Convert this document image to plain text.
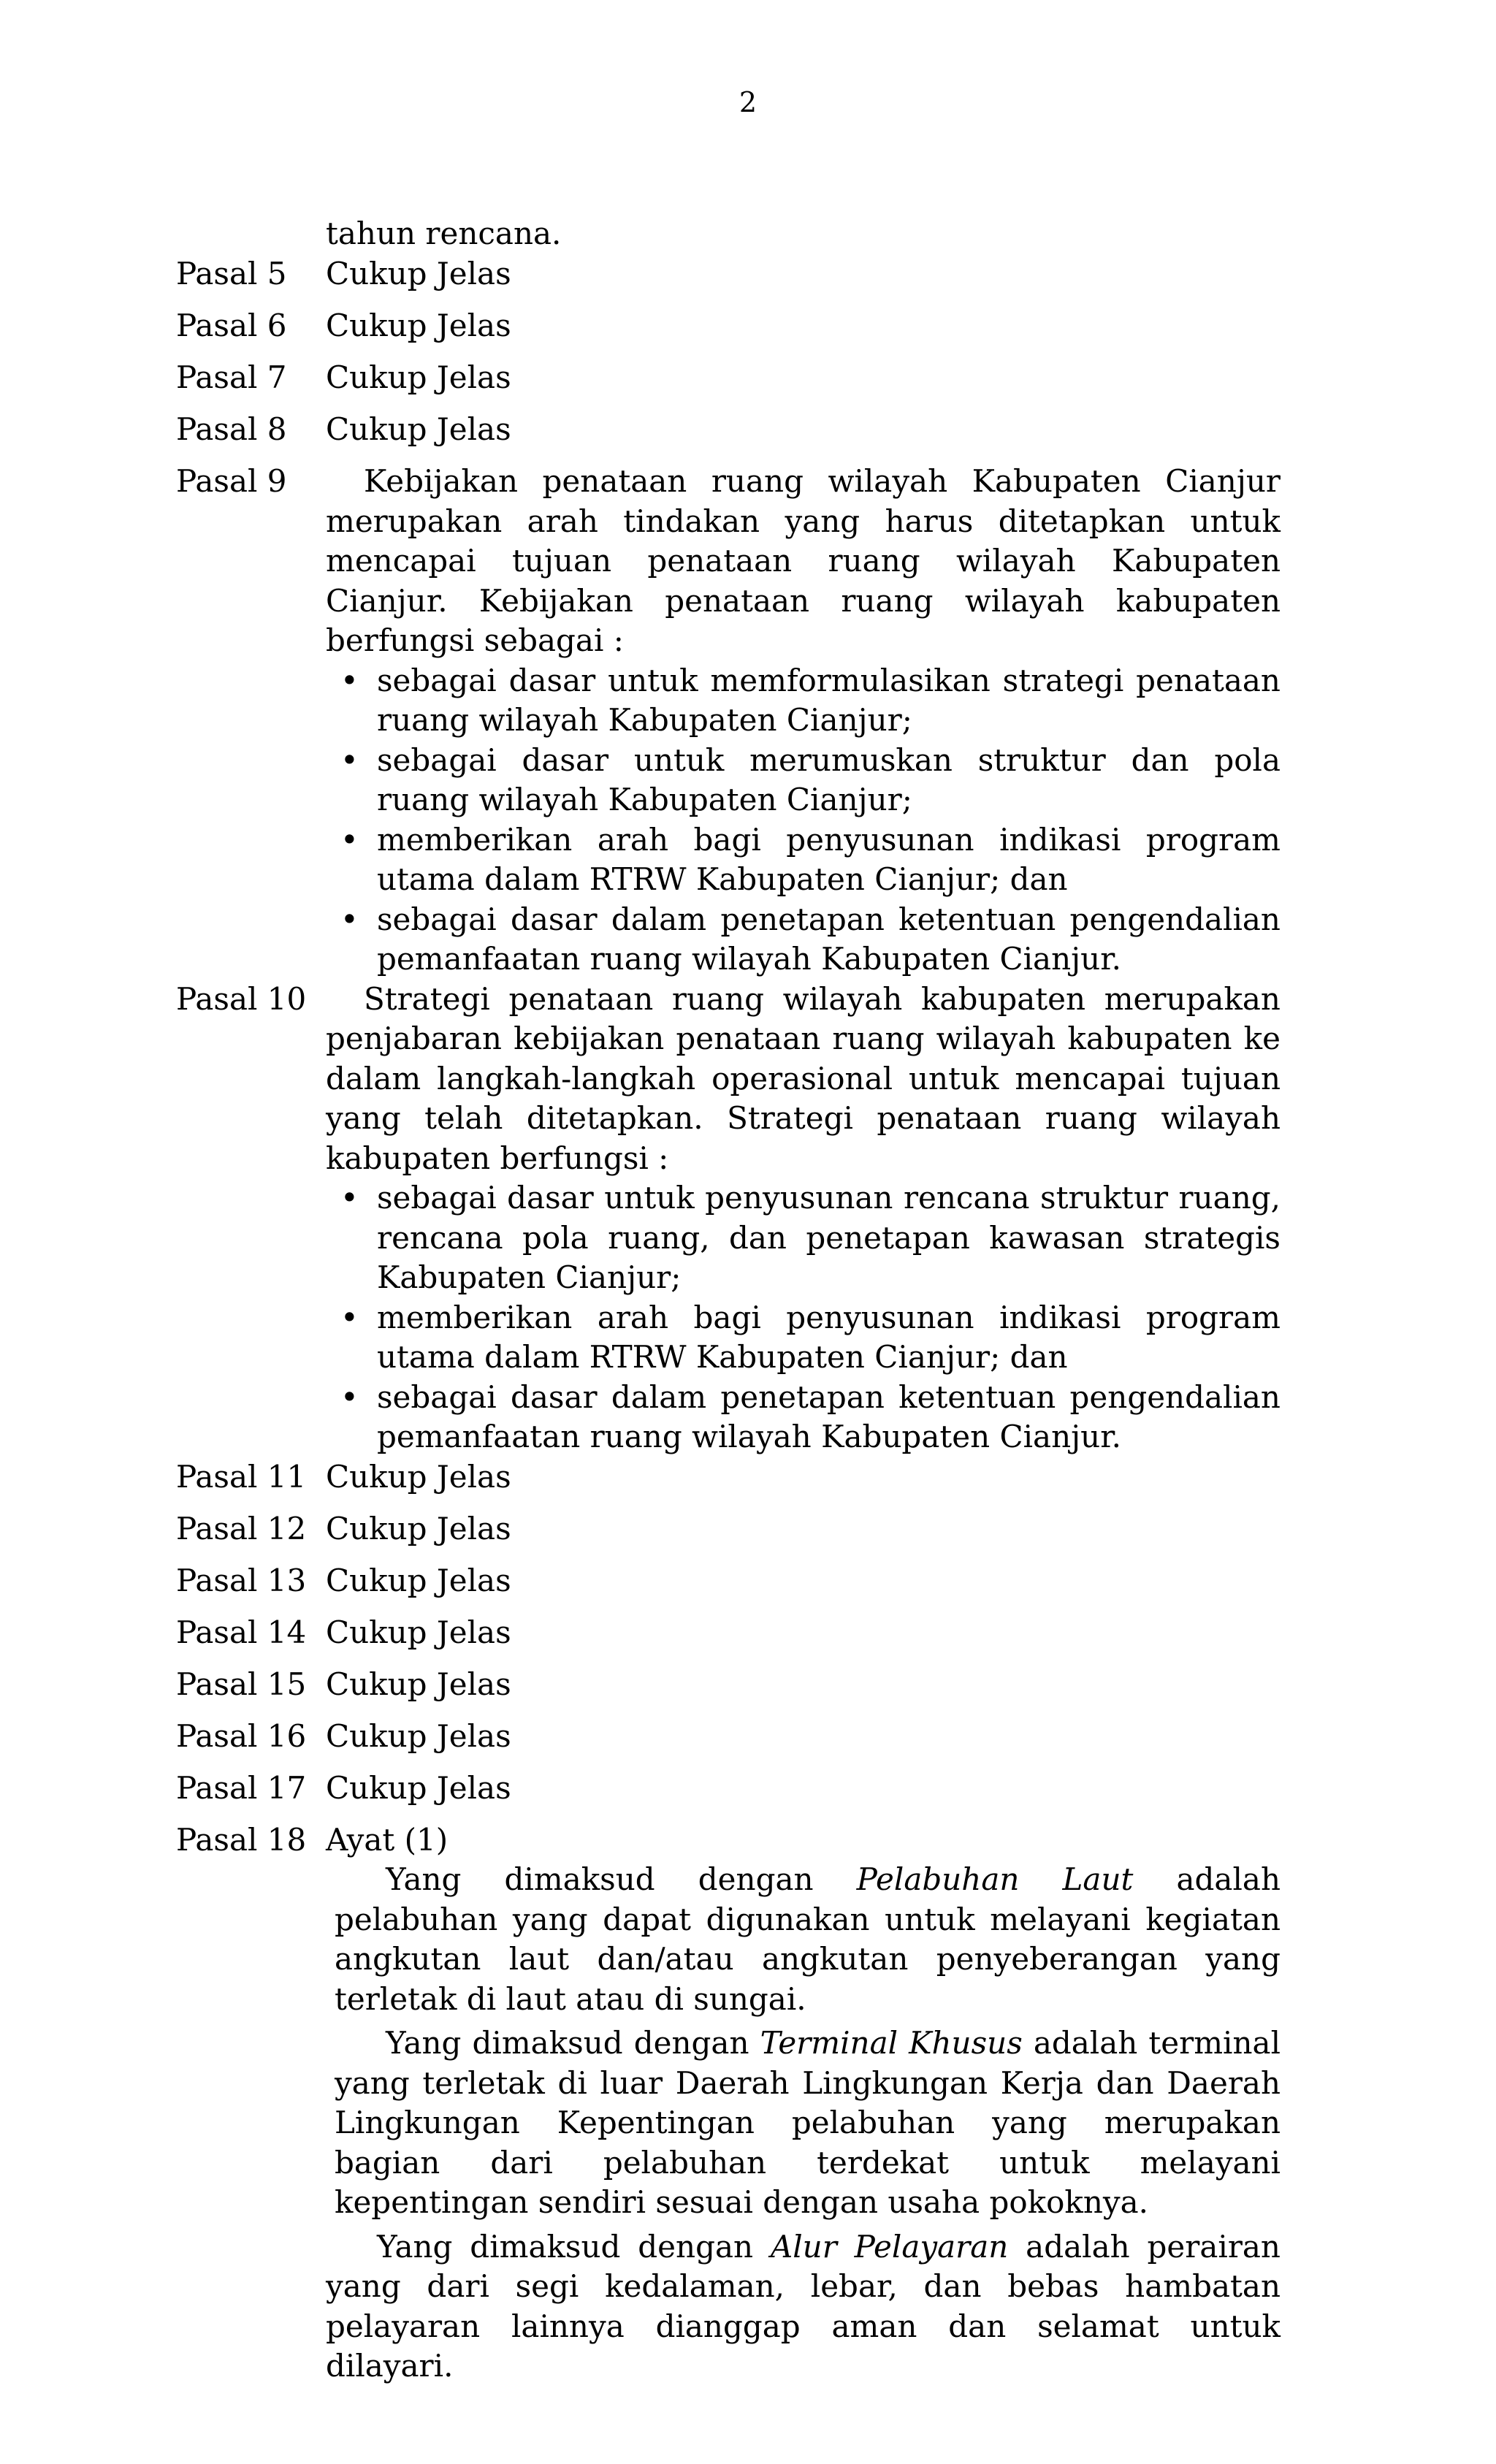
2
tahun rencana.
Pasal 5	Cukup Jelas
Pasal 6	Cukup Jelas
Pasal 7	Cukup Jelas
Pasal 8	Cukup Jelas
Pasal 9	Kebijakan penataan ruang wilayah Kabupaten Cianjur merupakan arah tindakan yang harus ditetapkan untuk mencapai tujuan penataan ruang wilayah Kabupaten Cianjur. Kebijakan penataan ruang wilayah kabupaten berfungsi sebagai :

• sebagai dasar untuk memformulasikan strategi penataan ruang wilayah Kabupaten Cianjur;
• sebagai dasar untuk merumuskan struktur dan pola ruang wilayah Kabupaten Cianjur;
• memberikan arah bagi penyusunan indikasi program utama dalam RTRW Kabupaten Cianjur; dan
• sebagai dasar dalam penetapan ketentuan pengendalian pemanfaatan ruang wilayah Kabupaten Cianjur.
Pasal 10	Strategi penataan ruang wilayah kabupaten merupakan penjabaran kebijakan penataan ruang wilayah kabupaten ke dalam langkah-langkah operasional untuk mencapai tujuan yang telah ditetapkan. Strategi penataan ruang wilayah kabupaten berfungsi :

• sebagai dasar untuk penyusunan rencana struktur ruang, rencana pola ruang, dan penetapan kawasan strategis Kabupaten Cianjur;
• memberikan arah bagi penyusunan indikasi program utama dalam RTRW Kabupaten Cianjur; dan
• sebagai dasar dalam penetapan ketentuan pengendalian pemanfaatan ruang wilayah Kabupaten Cianjur.
Pasal 11 Cukup Jelas
Pasal 12 Cukup Jelas
Pasal 13 Cukup Jelas
Pasal 14 Cukup Jelas
Pasal 15 Cukup Jelas
Pasal 16 Cukup Jelas
Pasal 17 Cukup Jelas
Pasal 18 Ayat (1)

Yang dimaksud dengan Pelabuhan Laut adalah pelabuhan yang dapat digunakan untuk melayani kegiatan angkutan laut dan/atau angkutan penyeberangan yang terletak di laut atau di sungai.

Yang dimaksud dengan Terminal Khusus adalah terminal yang terletak di luar Daerah Lingkungan Kerja dan Daerah Lingkungan Kepentingan pelabuhan yang merupakan bagian dari pelabuhan terdekat untuk melayani kepentingan sendiri sesuai dengan usaha pokoknya.

Yang dimaksud dengan Alur Pelayaran adalah perairan yang dari segi kedalaman, lebar, dan bebas hambatan pelayaran lainnya dianggap aman dan selamat untuk dilayari.
